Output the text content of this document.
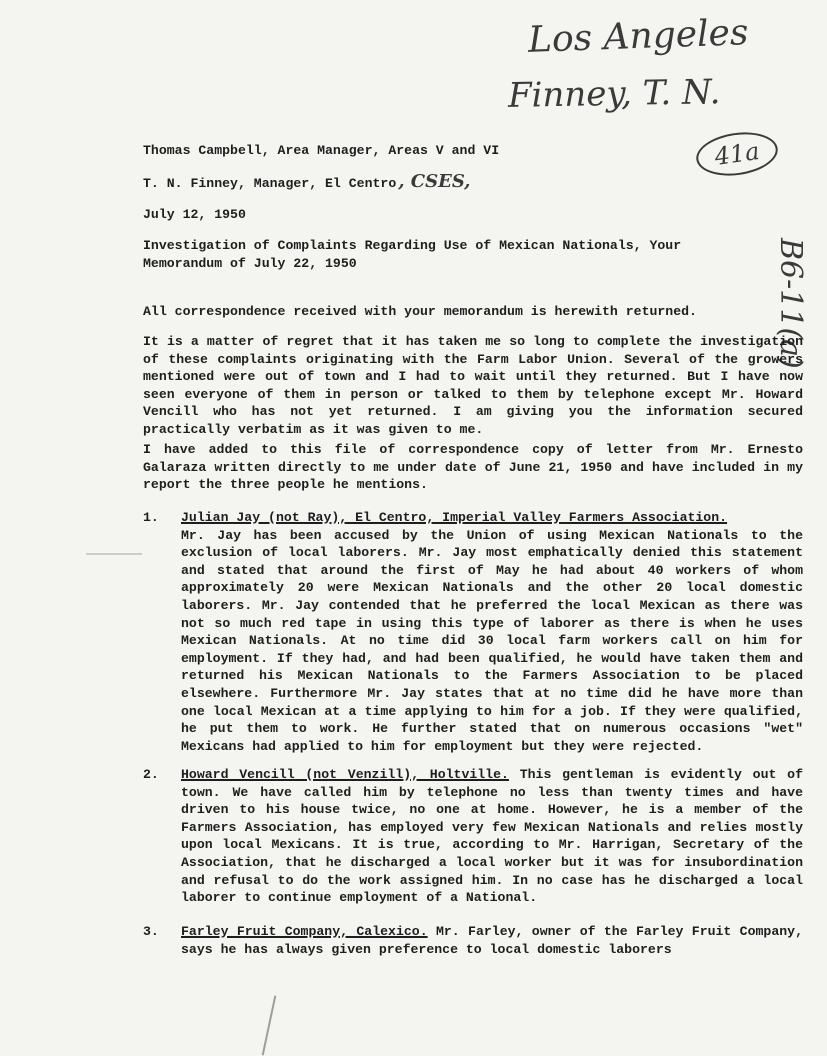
Los Angeles
Finney, T. N.
41a
B6-11(a)
Thomas Campbell, Area Manager, Areas V and VI
T. N. Finney, Manager, El Centro , CSES,
July 12, 1950
Investigation of Complaints Regarding Use of Mexican Nationals, Your
Memorandum of July 22, 1950
All correspondence received with your memorandum is herewith returned.
It is a matter of regret that it has taken me so long to complete the investigation of these complaints originating with the Farm Labor Union. Several of the growers mentioned were out of town and I had to wait until they returned. But I have now seen everyone of them in person or talked to them by telephone except Mr. Howard Vencill who has not yet returned. I am giving you the information secured practically verbatim as it was given to me.
I have added to this file of correspondence copy of letter from Mr. Ernesto Galaraza written directly to me under date of June 21, 1950 and have included in my report the three people he mentions.
1. Julian Jay (not Ray), El Centro, Imperial Valley Farmers Association.
Mr. Jay has been accused by the Union of using Mexican Nationals to the exclusion of local laborers. Mr. Jay most emphatically denied this statement and stated that around the first of May he had about 40 workers of whom approximately 20 were Mexican Nationals and the other 20 local domestic laborers. Mr. Jay contended that he preferred the local Mexican as there was not so much red tape in using this type of laborer as there is when he uses Mexican Nationals. At no time did 30 local farm workers call on him for employment. If they had, and had been qualified, he would have taken them and returned his Mexican Nationals to the Farmers Association to be placed elsewhere. Furthermore Mr. Jay states that at no time did he have more than one local Mexican at a time applying to him for a job. If they were qualified, he put them to work. He further stated that on numerous occasions "wet" Mexicans had applied to him for employment but they were rejected.
2. Howard Vencill (not Venzill), Holtville. This gentleman is evidently out of town. We have called him by telephone no less than twenty times and have driven to his house twice, no one at home. However, he is a member of the Farmers Association, has employed very few Mexican Nationals and relies mostly upon local Mexicans. It is true, according to Mr. Harrigan, Secretary of the Association, that he discharged a local worker but it was for insubordination and refusal to do the work assigned him. In no case has he discharged a local laborer to continue employment of a National.
3. Farley Fruit Company, Calexico. Mr. Farley, owner of the Farley Fruit Company, says he has always given preference to local domestic laborers
